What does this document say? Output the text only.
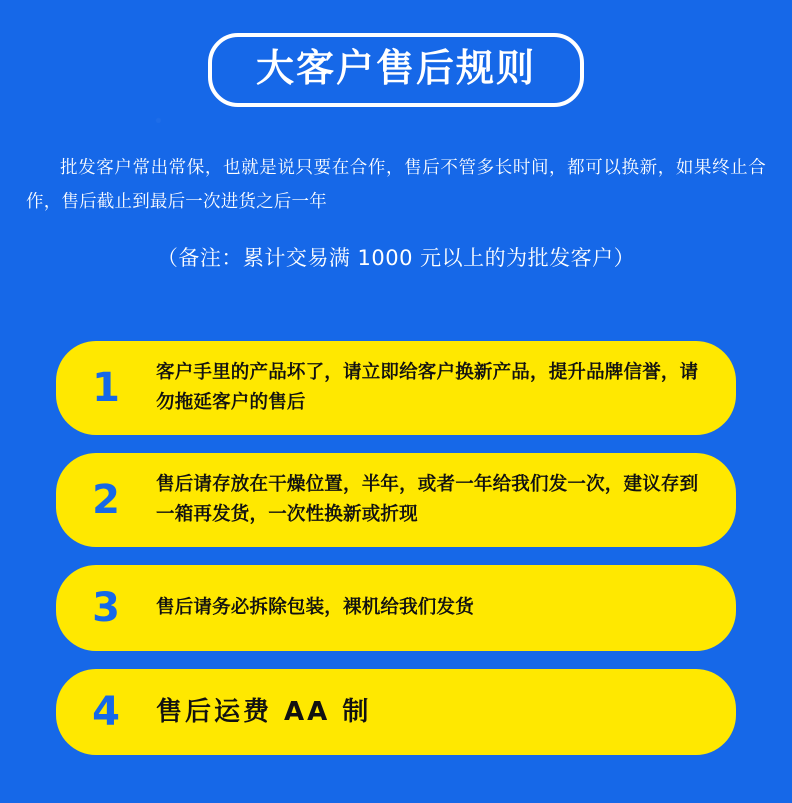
大客户售后规则
批发客户常出常保，也就是说只要在合作，售后不管多长时间，都可以换新，如果终止合作，售后截止到最后一次进货之后一年
（备注：累计交易满 1000 元以上的为批发客户）
1	客户手里的产品坏了，请立即给客户换新产品，提升品牌信誉，请勿拖延客户的售后
2	售后请存放在干燥位置，半年，或者一年给我们发一次，建议存到一箱再发货，一次性换新或折现
3	售后请务必拆除包装，裸机给我们发货
4 售后运费 AA 制
